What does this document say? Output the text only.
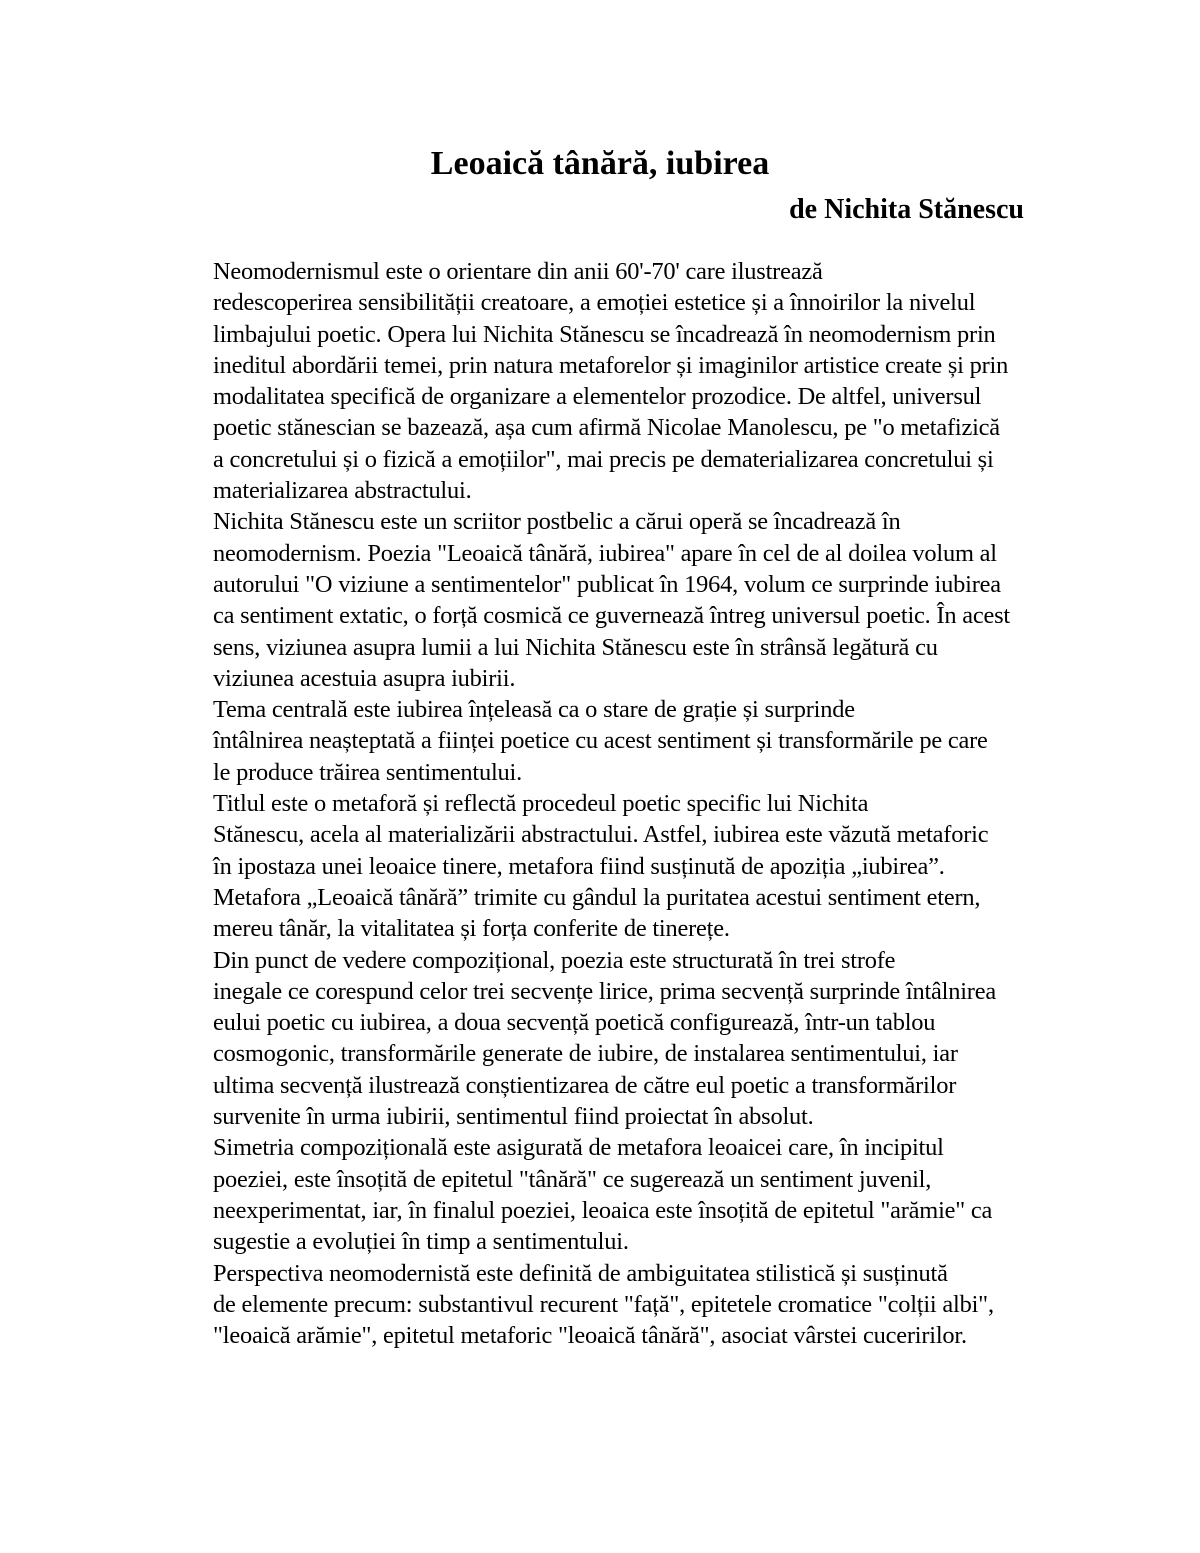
Leoaică tânără, iubirea
de Nichita Stănescu

Neomodernismul este o orientare din anii 60'-70' care ilustrează
redescoperirea sensibilității creatoare, a emoției estetice și a înnoirilor la nivelul
limbajului poetic. Opera lui Nichita Stănescu se încadrează în neomodernism prin
ineditul abordării temei, prin natura metaforelor și imaginilor artistice create și prin
modalitatea specifică de organizare a elementelor prozodice. De altfel, universul
poetic stănescian se bazează, așa cum afirmă Nicolae Manolescu, pe "o metafizică
a concretului și o fizică a emoțiilor", mai precis pe dematerializarea concretului și
materializarea abstractului.

Nichita Stănescu este un scriitor postbelic a cărui operă se încadrează în
neomodernism. Poezia "Leoaică tânără, iubirea" apare în cel de al doilea volum al
autorului "O viziune a sentimentelor" publicat în 1964, volum ce surprinde iubirea
ca sentiment extatic, o forță cosmică ce guvernează întreg universul poetic. În acest
sens, viziunea asupra lumii a lui Nichita Stănescu este în strânsă legătură cu
viziunea acestuia asupra iubirii.

Tema centrală este iubirea înțeleasă ca o stare de grație și surprinde
întâlnirea neașteptată a ființei poetice cu acest sentiment și transformările pe care
le produce trăirea sentimentului.

Titlul este o metaforă și reflectă procedeul poetic specific lui Nichita
Stănescu, acela al materializării abstractului. Astfel, iubirea este văzută metaforic
în ipostaza unei leoaice tinere, metafora fiind susținută de apoziția „iubirea”.
Metafora „Leoaică tânără” trimite cu gândul la puritatea acestui sentiment etern,
mereu tânăr, la vitalitatea și forța conferite de tinerețe.

Din punct de vedere compozițional, poezia este structurată în trei strofe
inegale ce corespund celor trei secvențe lirice, prima secvență surprinde întâlnirea
eului poetic cu iubirea, a doua secvență poetică configurează, într-un tablou
cosmogonic, transformările generate de iubire, de instalarea sentimentului, iar
ultima secvență ilustrează conștientizarea de către eul poetic a transformărilor
survenite în urma iubirii, sentimentul fiind proiectat în absolut.

Simetria compozițională este asigurată de metafora leoaicei care, în incipitul
poeziei, este însoțită de epitetul "tânără" ce sugerează un sentiment juvenil,
neexperimentat, iar, în finalul poeziei, leoaica este însoțită de epitetul "arămie" ca
sugestie a evoluției în timp a sentimentului.

Perspectiva neomodernistă este definită de ambiguitatea stilistică și susținută
de elemente precum: substantivul recurent "față", epitetele cromatice "colții albi",
"leoaică arămie", epitetul metaforic "leoaică tânără", asociat vârstei cuceririlor.
